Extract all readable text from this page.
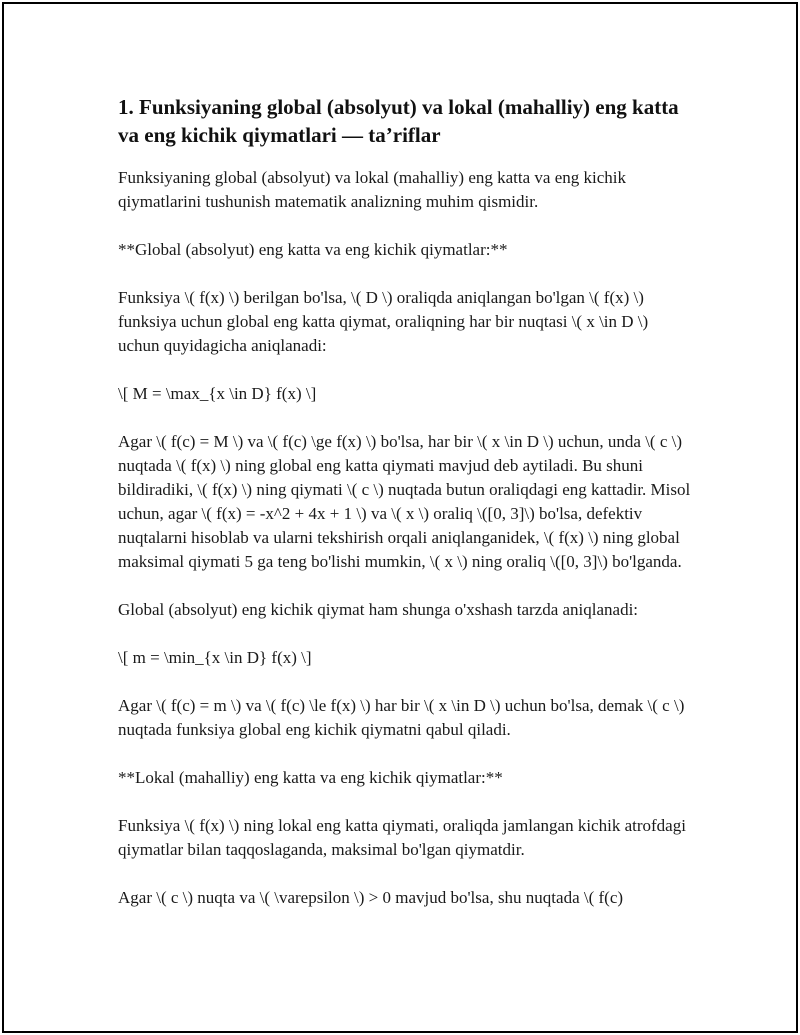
1. Funksiyaning global (absolyut) va lokal (mahalliy) eng katta va eng kichik qiymatlari — ta’riflar

Funksiyaning global (absolyut) va lokal (mahalliy) eng katta va eng kichik qiymatlarini tushunish matematik analizning muhim qismidir.

**Global (absolyut) eng katta va eng kichik qiymatlar:**

Funksiya \( f(x) \) berilgan bo'lsa, \( D \) oraliqda aniqlangan bo'lgan \( f(x) \) funksiya uchun global eng katta qiymat, oraliqning har bir nuqtasi \( x \in D \) uchun quyidagicha aniqlanadi:

\[ M = \max_{x \in D} f(x) \]

Agar \( f(c) = M \) va \( f(c) \ge f(x) \) bo'lsa, har bir \( x \in D \) uchun, unda \( c \) nuqtada \( f(x) \) ning global eng katta qiymati mavjud deb aytiladi. Bu shuni bildiradiki, \( f(x) \) ning qiymati \( c \) nuqtada butun oraliqdagi eng kattadir. Misol uchun, agar \( f(x) = -x^2 + 4x + 1 \) va \( x \) oraliq \([0, 3]\) bo'lsa, defektiv nuqtalarni hisoblab va ularni tekshirish orqali aniqlanganidek, \( f(x) \) ning global maksimal qiymati 5 ga teng bo'lishi mumkin, \( x \) ning oraliq \([0, 3]\) bo'lganda.

Global (absolyut) eng kichik qiymat ham shunga o'xshash tarzda aniqlanadi:

\[ m = \min_{x \in D} f(x) \]

Agar \( f(c) = m \) va \( f(c) \le f(x) \) har bir \( x \in D \) uchun bo'lsa, demak \( c \) nuqtada funksiya global eng kichik qiymatni qabul qiladi.

**Lokal (mahalliy) eng katta va eng kichik qiymatlar:**

Funksiya \( f(x) \) ning lokal eng katta qiymati, oraliqda jamlangan kichik atrofdagi qiymatlar bilan taqqoslaganda, maksimal bo'lgan qiymatdir.

Agar \( c \) nuqta va \( \varepsilon \) > 0 mavjud bo'lsa, shu nuqtada \( f(c)
